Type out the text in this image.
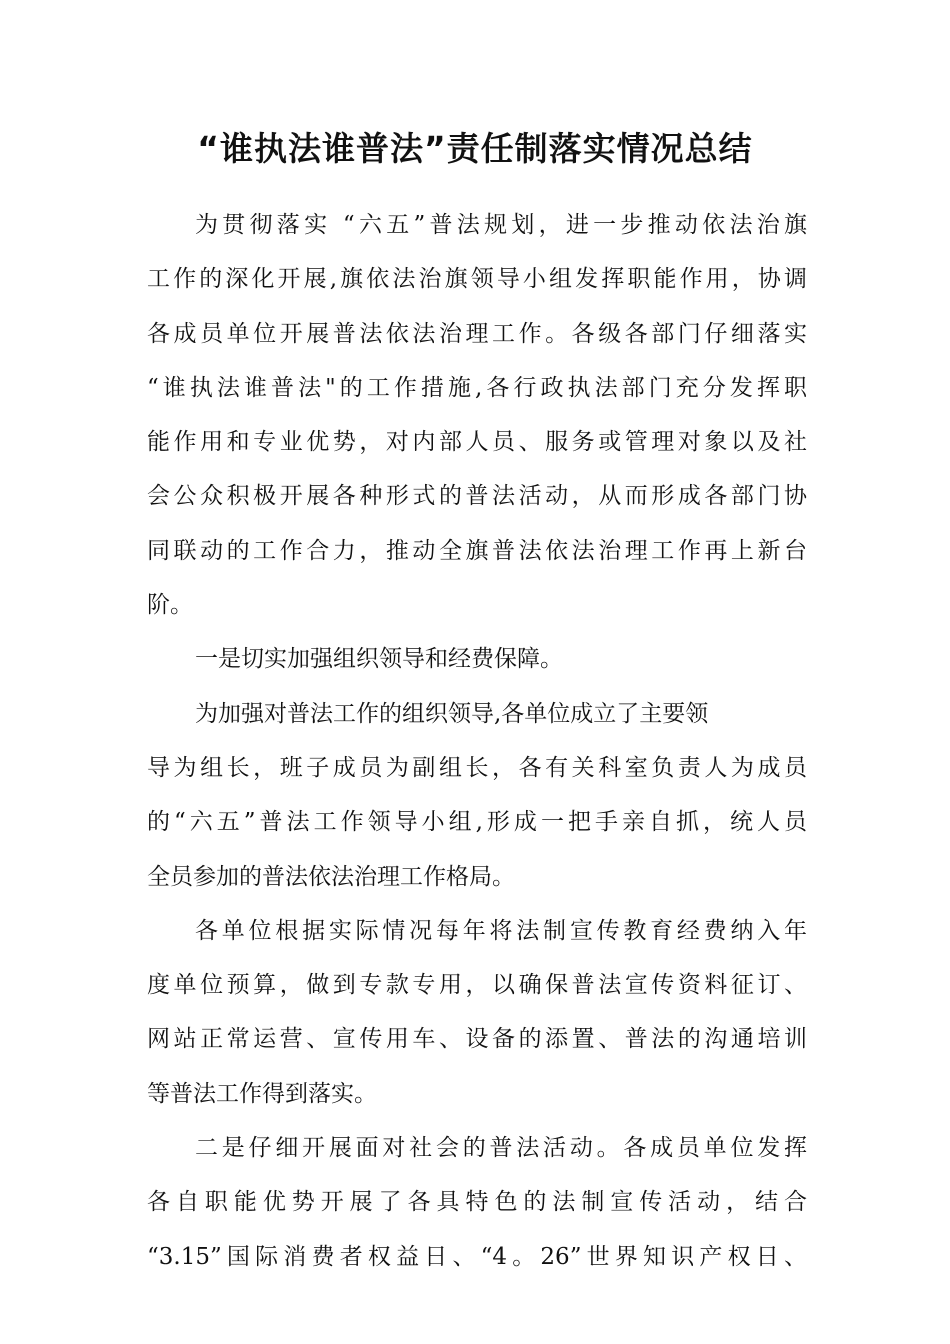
“谁执法谁普法”责任制落实情况总结
为贯彻落实 “六五”普法规划，进一步推动依法治旗
工作的深化开展,旗依法治旗领导小组发挥职能作用，协调
各成员单位开展普法依法治理工作。各级各部门仔细落实
“谁执法谁普法"的工作措施,各行政执法部门充分发挥职
能作用和专业优势，对内部人员、服务或管理对象以及社
会公众积极开展各种形式的普法活动，从而形成各部门协
同联动的工作合力，推动全旗普法依法治理工作再上新台
阶。
一是切实加强组织领导和经费保障。
为加强对普法工作的组织领导,各单位成立了主要领
导为组长，班子成员为副组长，各有关科室负责人为成员
的“六五”普法工作领导小组,形成一把手亲自抓，统人员
全员参加的普法依法治理工作格局。
各单位根据实际情况每年将法制宣传教育经费纳入年
度单位预算，做到专款专用，以确保普法宣传资料征订、
网站正常运营、宣传用车、设备的添置、普法的沟通培训
等普法工作得到落实。
二是仔细开展面对社会的普法活动。各成员单位发挥
各自职能优势开展了各具特色的法制宣传活动，结合
“3.15”国际消费者权益日、“4。26”世界知识产权日、
